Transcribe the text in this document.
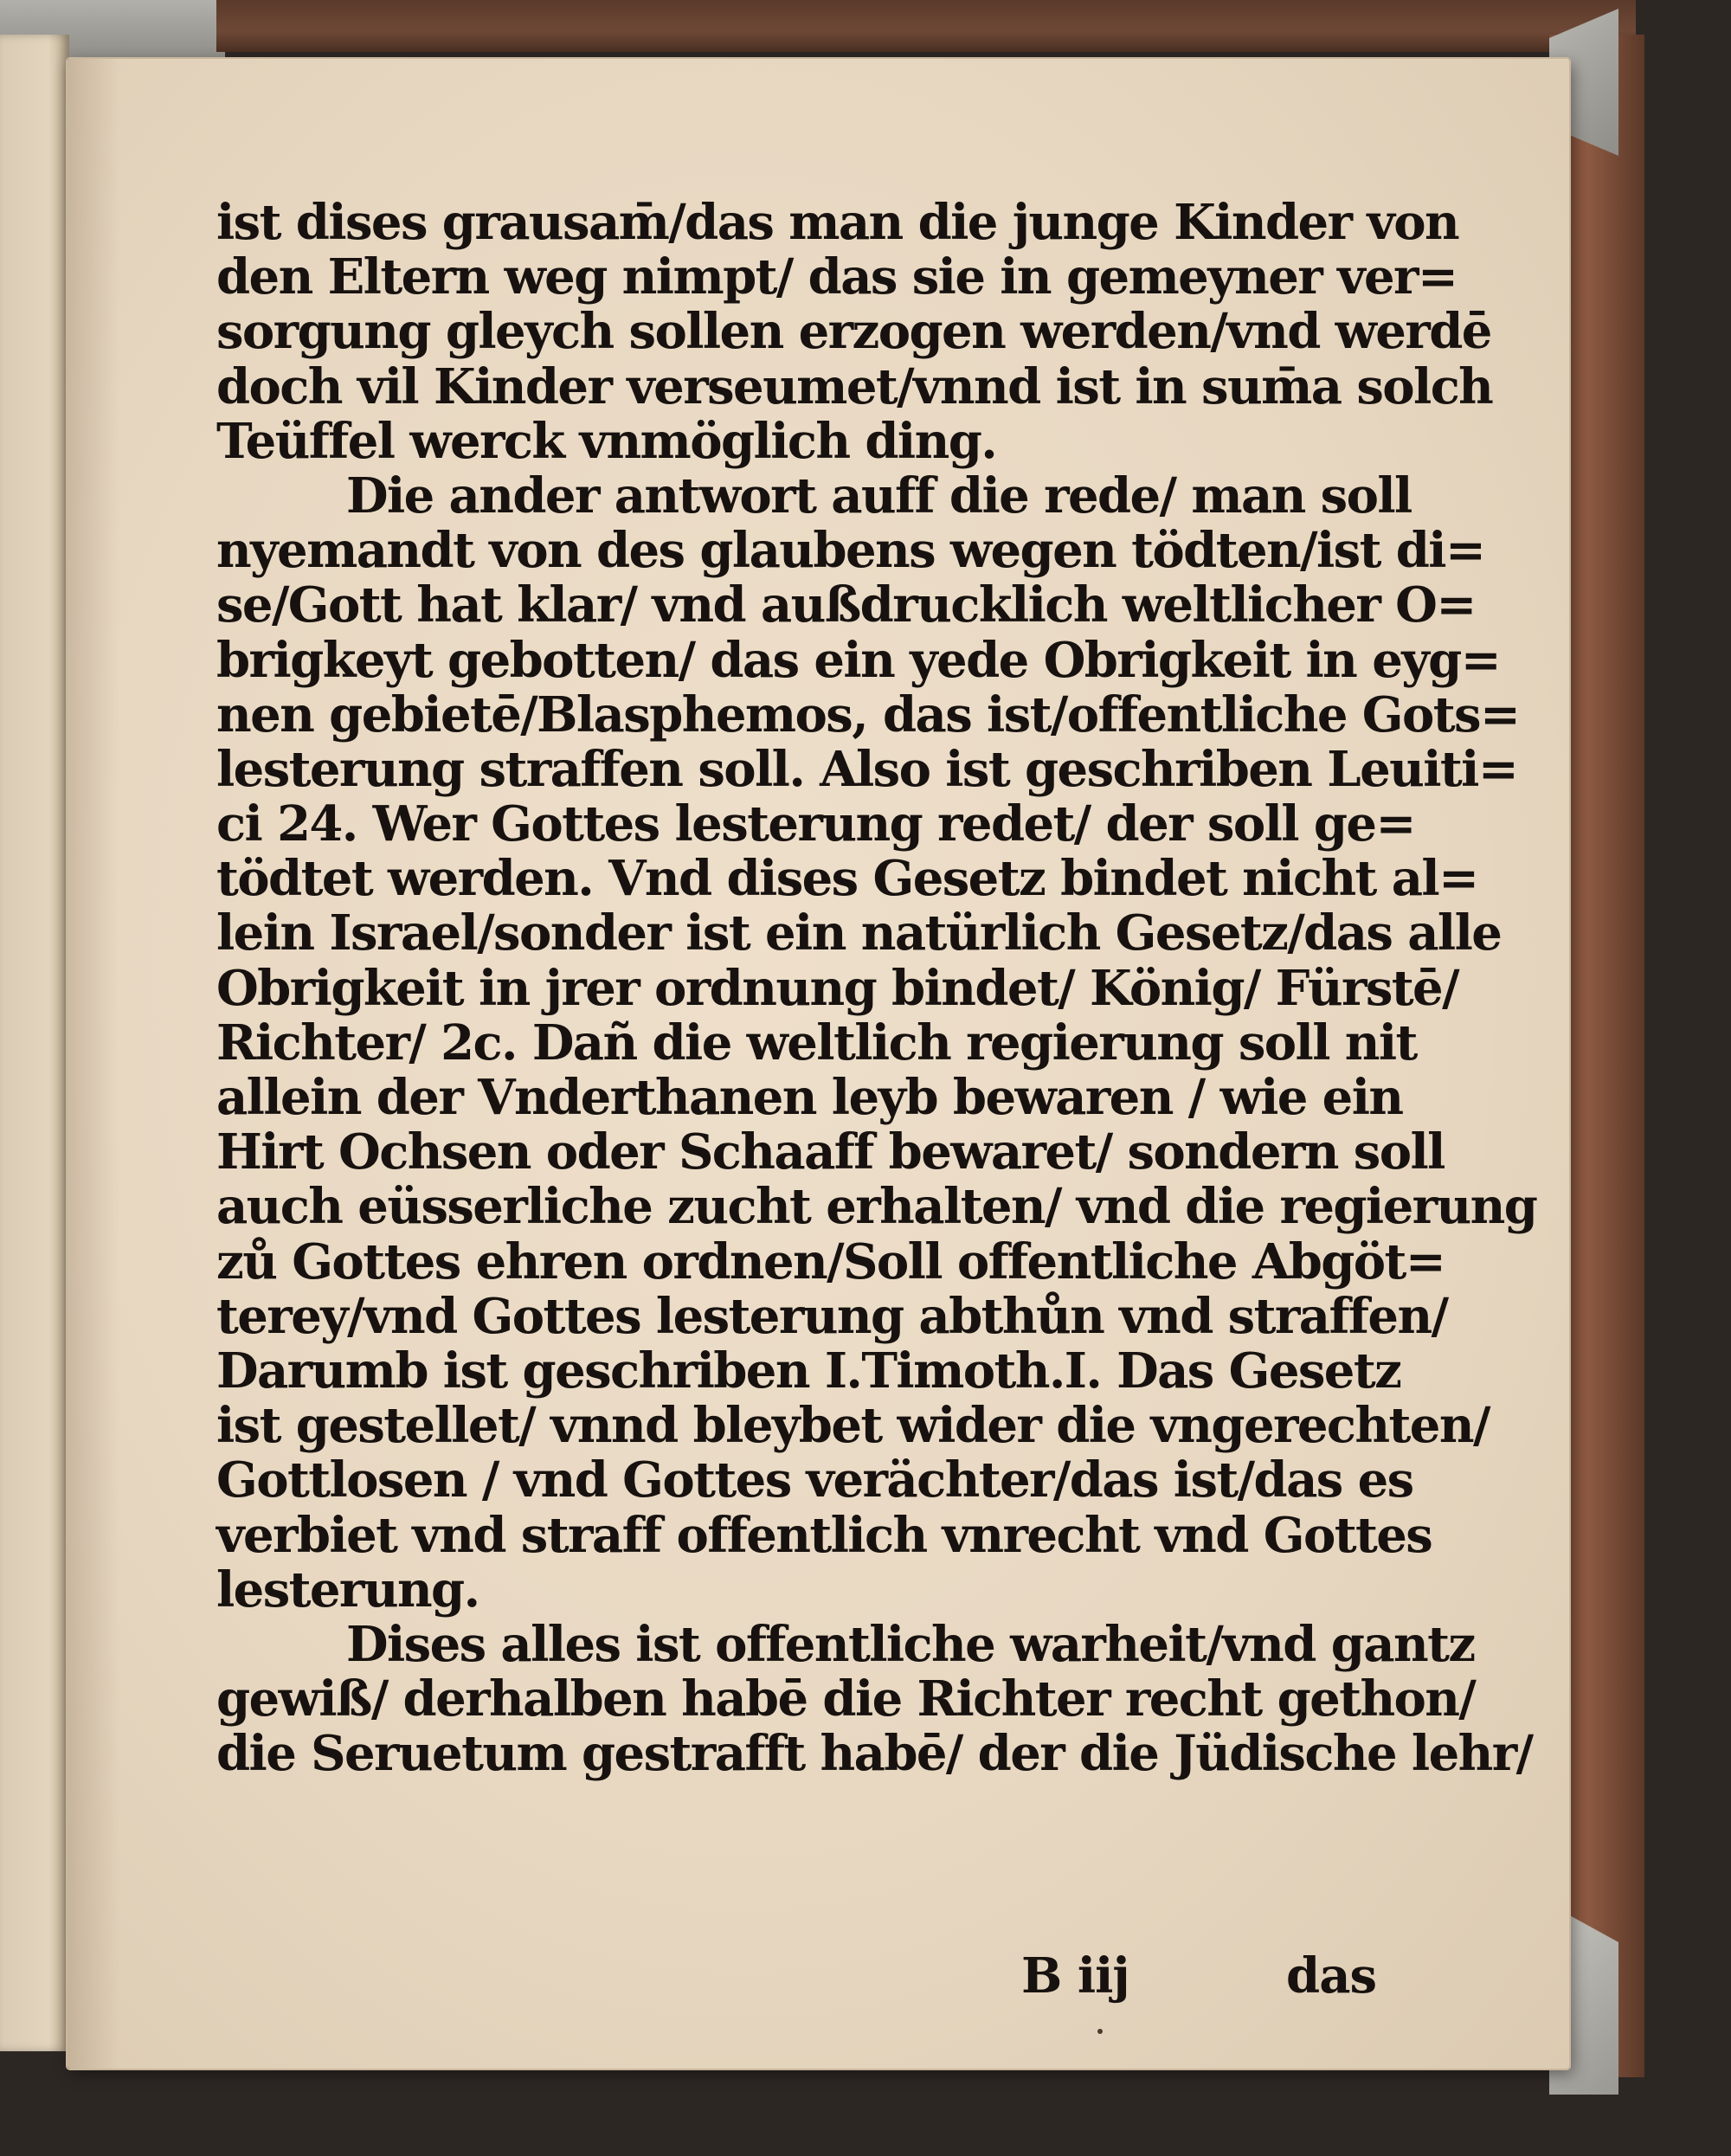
ist dises grausam̄/das man die junge Kinder von
den Eltern weg nimpt/ das sie in gemeyner ver=
sorgung gleych sollen erzogen werden/vnd werdē
doch vil Kinder verseumet/vnnd ist in sum̄a solch
Teüffel werck vnmöglich ding.
Die ander antwort auff die rede/ man soll
nyemandt von des glaubens wegen tödten/ist di=
se/Gott hat klar/ vnd außdrucklich weltlicher O=
brigkeyt gebotten/ das ein yede Obrigkeit in eyg=
nen gebietē/Blasphemos, das ist/offentliche Gots=
lesterung straffen soll. Also ist geschriben Leuiti=
ci 24. Wer Gottes lesterung redet/ der soll ge=
tödtet werden. Vnd dises Gesetz bindet nicht al=
lein Israel/sonder ist ein natürlich Gesetz/das alle
Obrigkeit in jrer ordnung bindet/ König/ Fürstē/
Richter/ 2c. Dañ die weltlich regierung soll nit
allein der Vnderthanen leyb bewaren / wie ein
Hirt Ochsen oder Schaaff bewaret/ sondern soll
auch eüsserliche zucht erhalten/ vnd die regierung
zů Gottes ehren ordnen/Soll offentliche Abgöt=
terey/vnd Gottes lesterung abthůn vnd straffen/
Darumb ist geschriben I.Timoth.I. Das Gesetz
ist gestellet/ vnnd bleybet wider die vngerechten/
Gottlosen / vnd Gottes verächter/das ist/das es
verbiet vnd straff offentlich vnrecht vnd Gottes
lesterung.
Dises alles ist offentliche warheit/vnd gantz
gewiß/ derhalben habē die Richter recht gethon/
die Seruetum gestrafft habē/ der die Jüdische lehr/
B iij	das
